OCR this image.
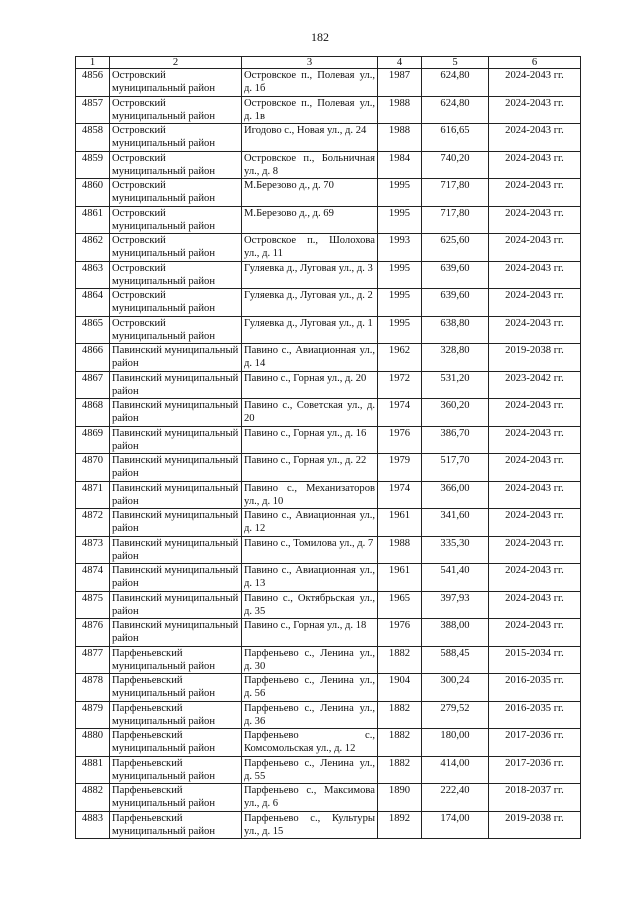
182
1	2	3	4	5	6
4856	Островский муниципальный район	Островское п., Полевая ул., д. 1б	1987	624,80	2024-2043 гг.
4857	Островский муниципальный район	Островское п., Полевая ул., д. 1в	1988	624,80	2024-2043 гг.
4858	Островский муниципальный район	Игодово с., Новая ул., д. 24	1988	616,65	2024-2043 гг.
4859	Островский муниципальный район	Островское п., Больничная ул., д. 8	1984	740,20	2024-2043 гг.
4860	Островский муниципальный район	М.Березово д., д. 70	1995	717,80	2024-2043 гг.
4861	Островский муниципальный район	М.Березово д., д. 69	1995	717,80	2024-2043 гг.
4862	Островский муниципальный район	Островское п., Шолохова ул., д. 11	1993	625,60	2024-2043 гг.
4863	Островский муниципальный район	Гуляевка д., Луговая ул., д. 3	1995	639,60	2024-2043 гг.
4864	Островский муниципальный район	Гуляевка д., Луговая ул., д. 2	1995	639,60	2024-2043 гг.
4865	Островский муниципальный район	Гуляевка д., Луговая ул., д. 1	1995	638,80	2024-2043 гг.
4866	Павинский муниципальный район	Павино с., Авиационная ул., д. 14	1962	328,80	2019-2038 гг.
4867	Павинский муниципальный район	Павино с., Горная ул., д. 20	1972	531,20	2023-2042 гг.
4868	Павинский муниципальный район	Павино с., Советская ул., д. 20	1974	360,20	2024-2043 гг.
4869	Павинский муниципальный район	Павино с., Горная ул., д. 16	1976	386,70	2024-2043 гг.
4870	Павинский муниципальный район	Павино с., Горная ул., д. 22	1979	517,70	2024-2043 гг.
4871	Павинский муниципальный район	Павино с., Механизаторов ул., д. 10	1974	366,00	2024-2043 гг.
4872	Павинский муниципальный район	Павино с., Авиационная ул., д. 12	1961	341,60	2024-2043 гг.
4873	Павинский муниципальный район	Павино с., Томилова ул., д. 7	1988	335,30	2024-2043 гг.
4874	Павинский муниципальный район	Павино с., Авиационная ул., д. 13	1961	541,40	2024-2043 гг.
4875	Павинский муниципальный район	Павино с., Октябрьская ул., д. 35	1965	397,93	2024-2043 гг.
4876	Павинский муниципальный район	Павино с., Горная ул., д. 18	1976	388,00	2024-2043 гг.
4877	Парфеньевский муниципальный район	Парфеньево с., Ленина ул., д. 30	1882	588,45	2015-2034 гг.
4878	Парфеньевский муниципальный район	Парфеньево с., Ленина ул., д. 56	1904	300,24	2016-2035 гг.
4879	Парфеньевский муниципальный район	Парфеньево с., Ленина ул., д. 36	1882	279,52	2016-2035 гг.
4880	Парфеньевский муниципальный район	Парфеньево с., Комсомольская ул., д. 12	1882	180,00	2017-2036 гг.
4881	Парфеньевский муниципальный район	Парфеньево с., Ленина ул., д. 55	1882	414,00	2017-2036 гг.
4882	Парфеньевский муниципальный район	Парфеньево с., Максимова ул., д. 6	1890	222,40	2018-2037 гг.
4883	Парфеньевский муниципальный район	Парфеньево с., Культуры ул., д. 15	1892	174,00	2019-2038 гг.
